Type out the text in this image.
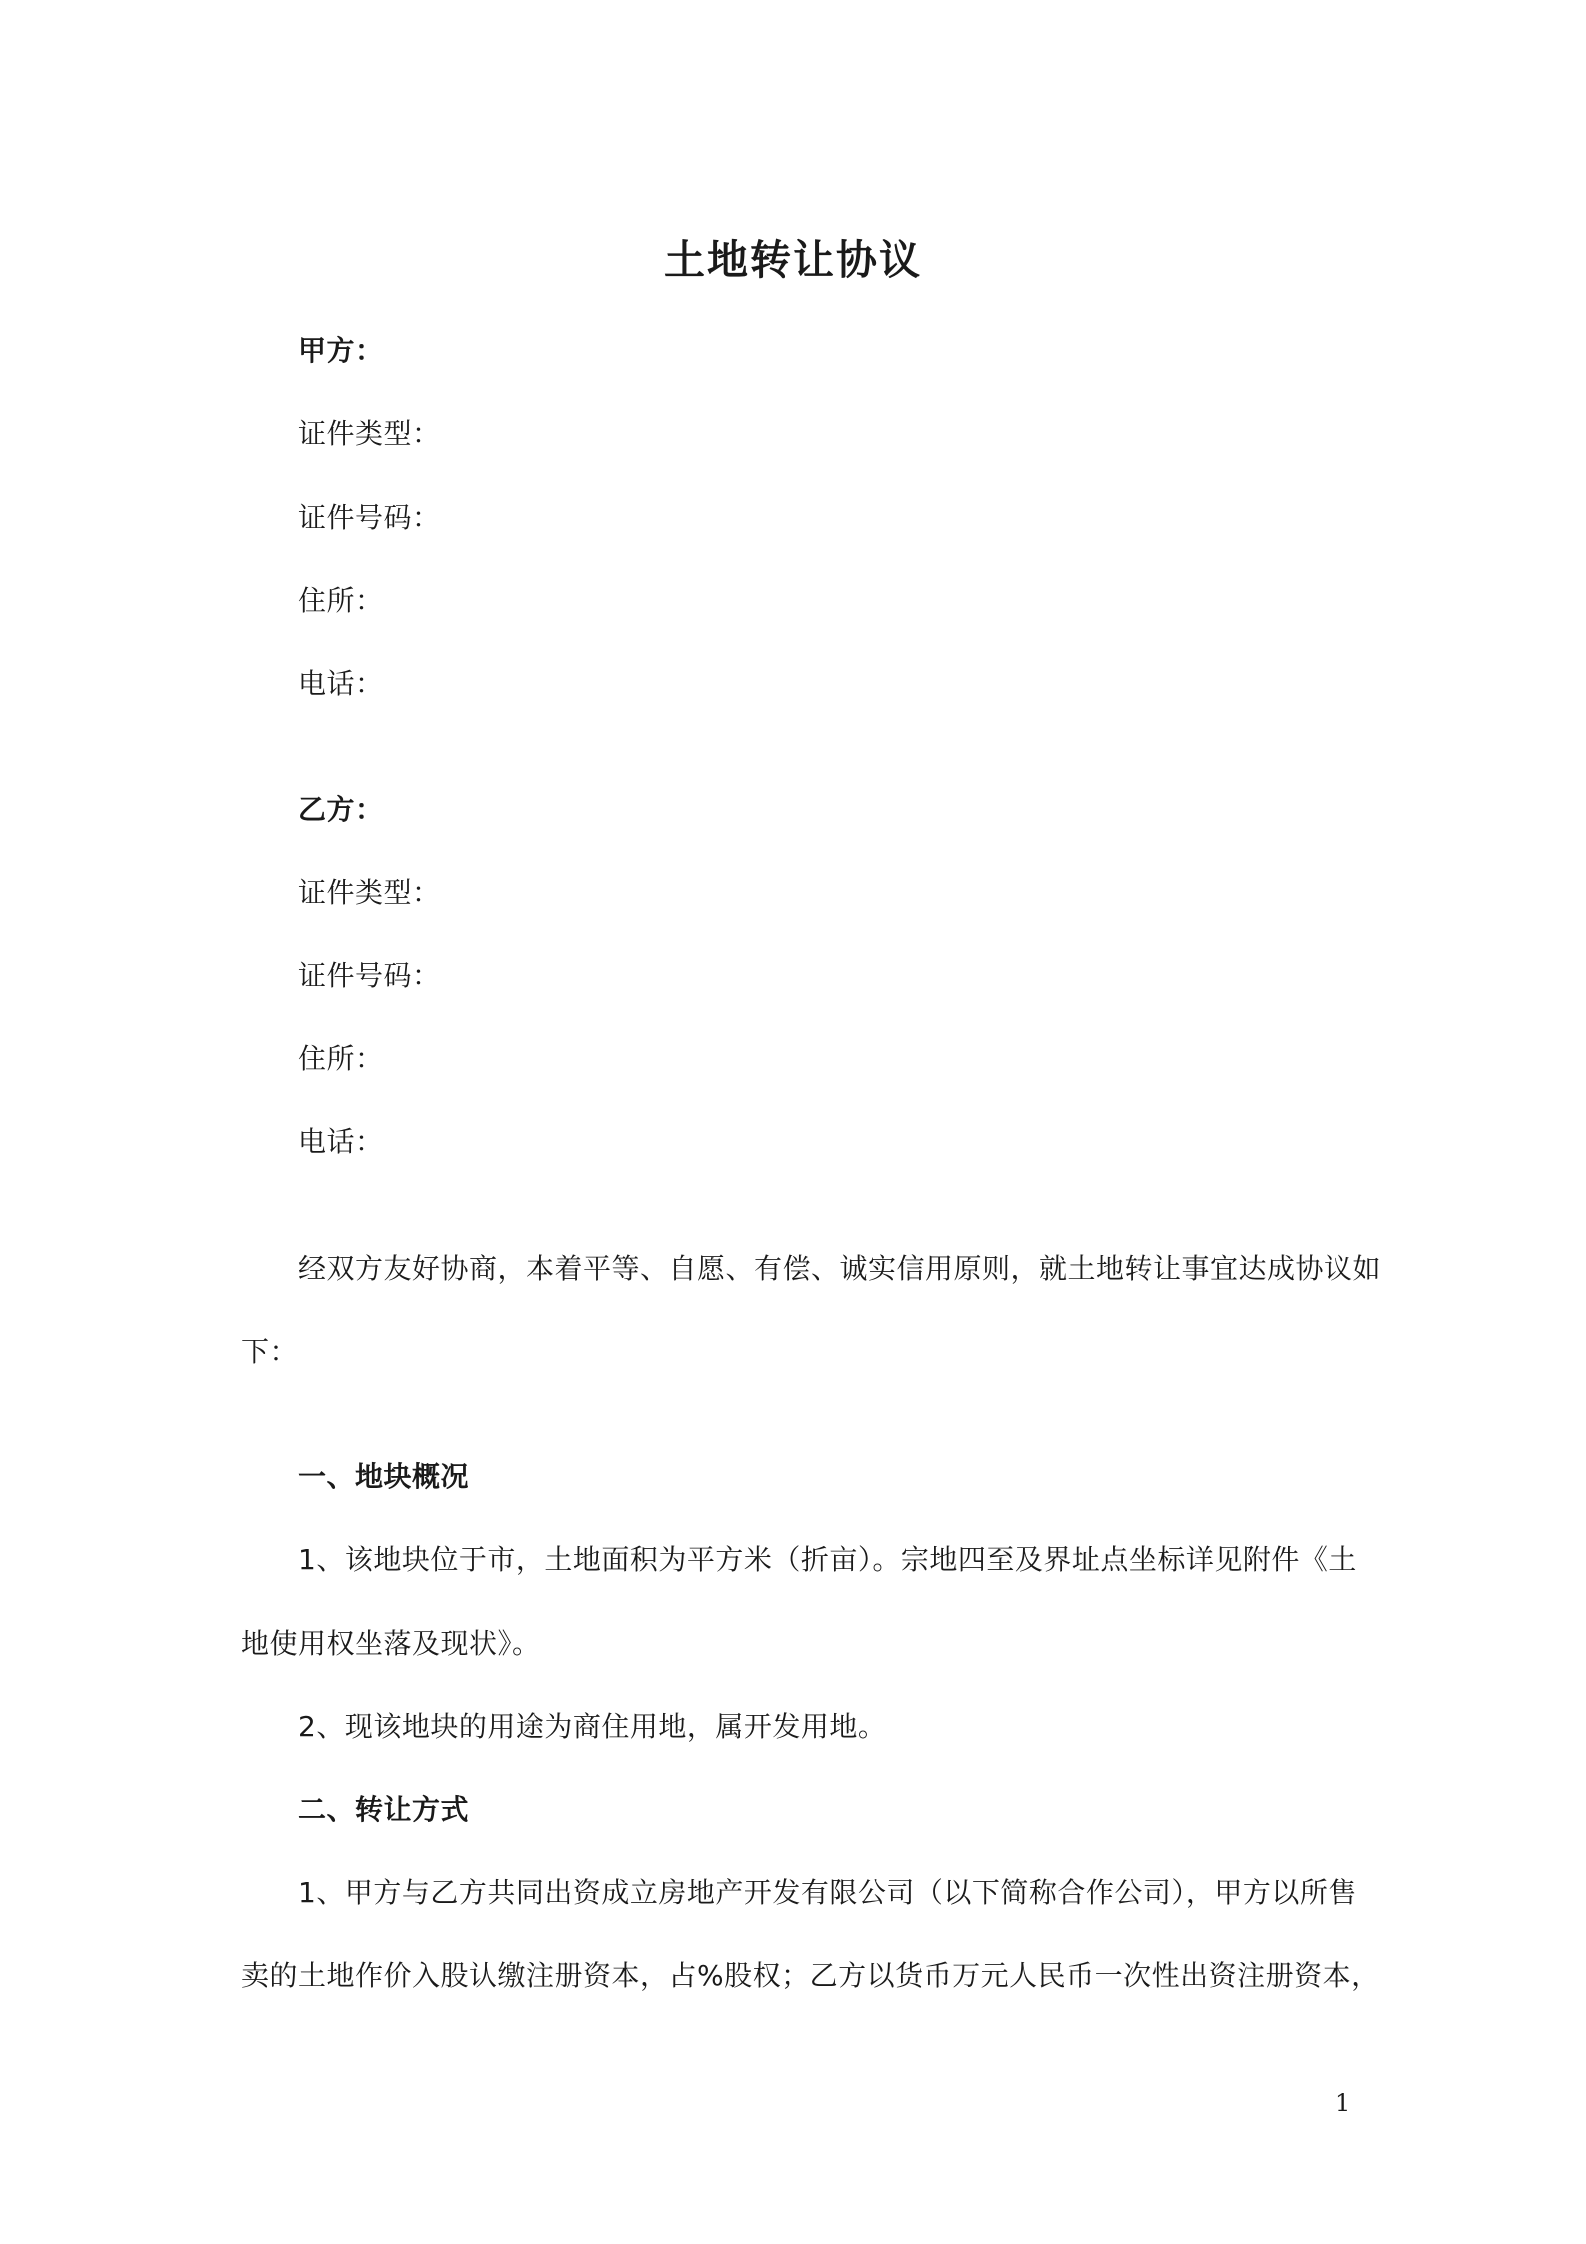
土地转让协议
甲方：
证件类型：
证件号码：
住所：
电话：
乙方：
证件类型：
证件号码：
住所：
电话：
经双方友好协商，本着平等、自愿、有偿、诚实信用原则，就土地转让事宜达成协议如
下：
一、地块概况
1、该地块位于市，土地面积为平方米（折亩）。宗地四至及界址点坐标详见附件《土
地使用权坐落及现状》。
2、现该地块的用途为商住用地，属开发用地。
二、转让方式
1、甲方与乙方共同出资成立房地产开发有限公司（以下简称合作公司），甲方以所售
卖的土地作价入股认缴注册资本，占%股权；乙方以货币万元人民币一次性出资注册资本，
1
